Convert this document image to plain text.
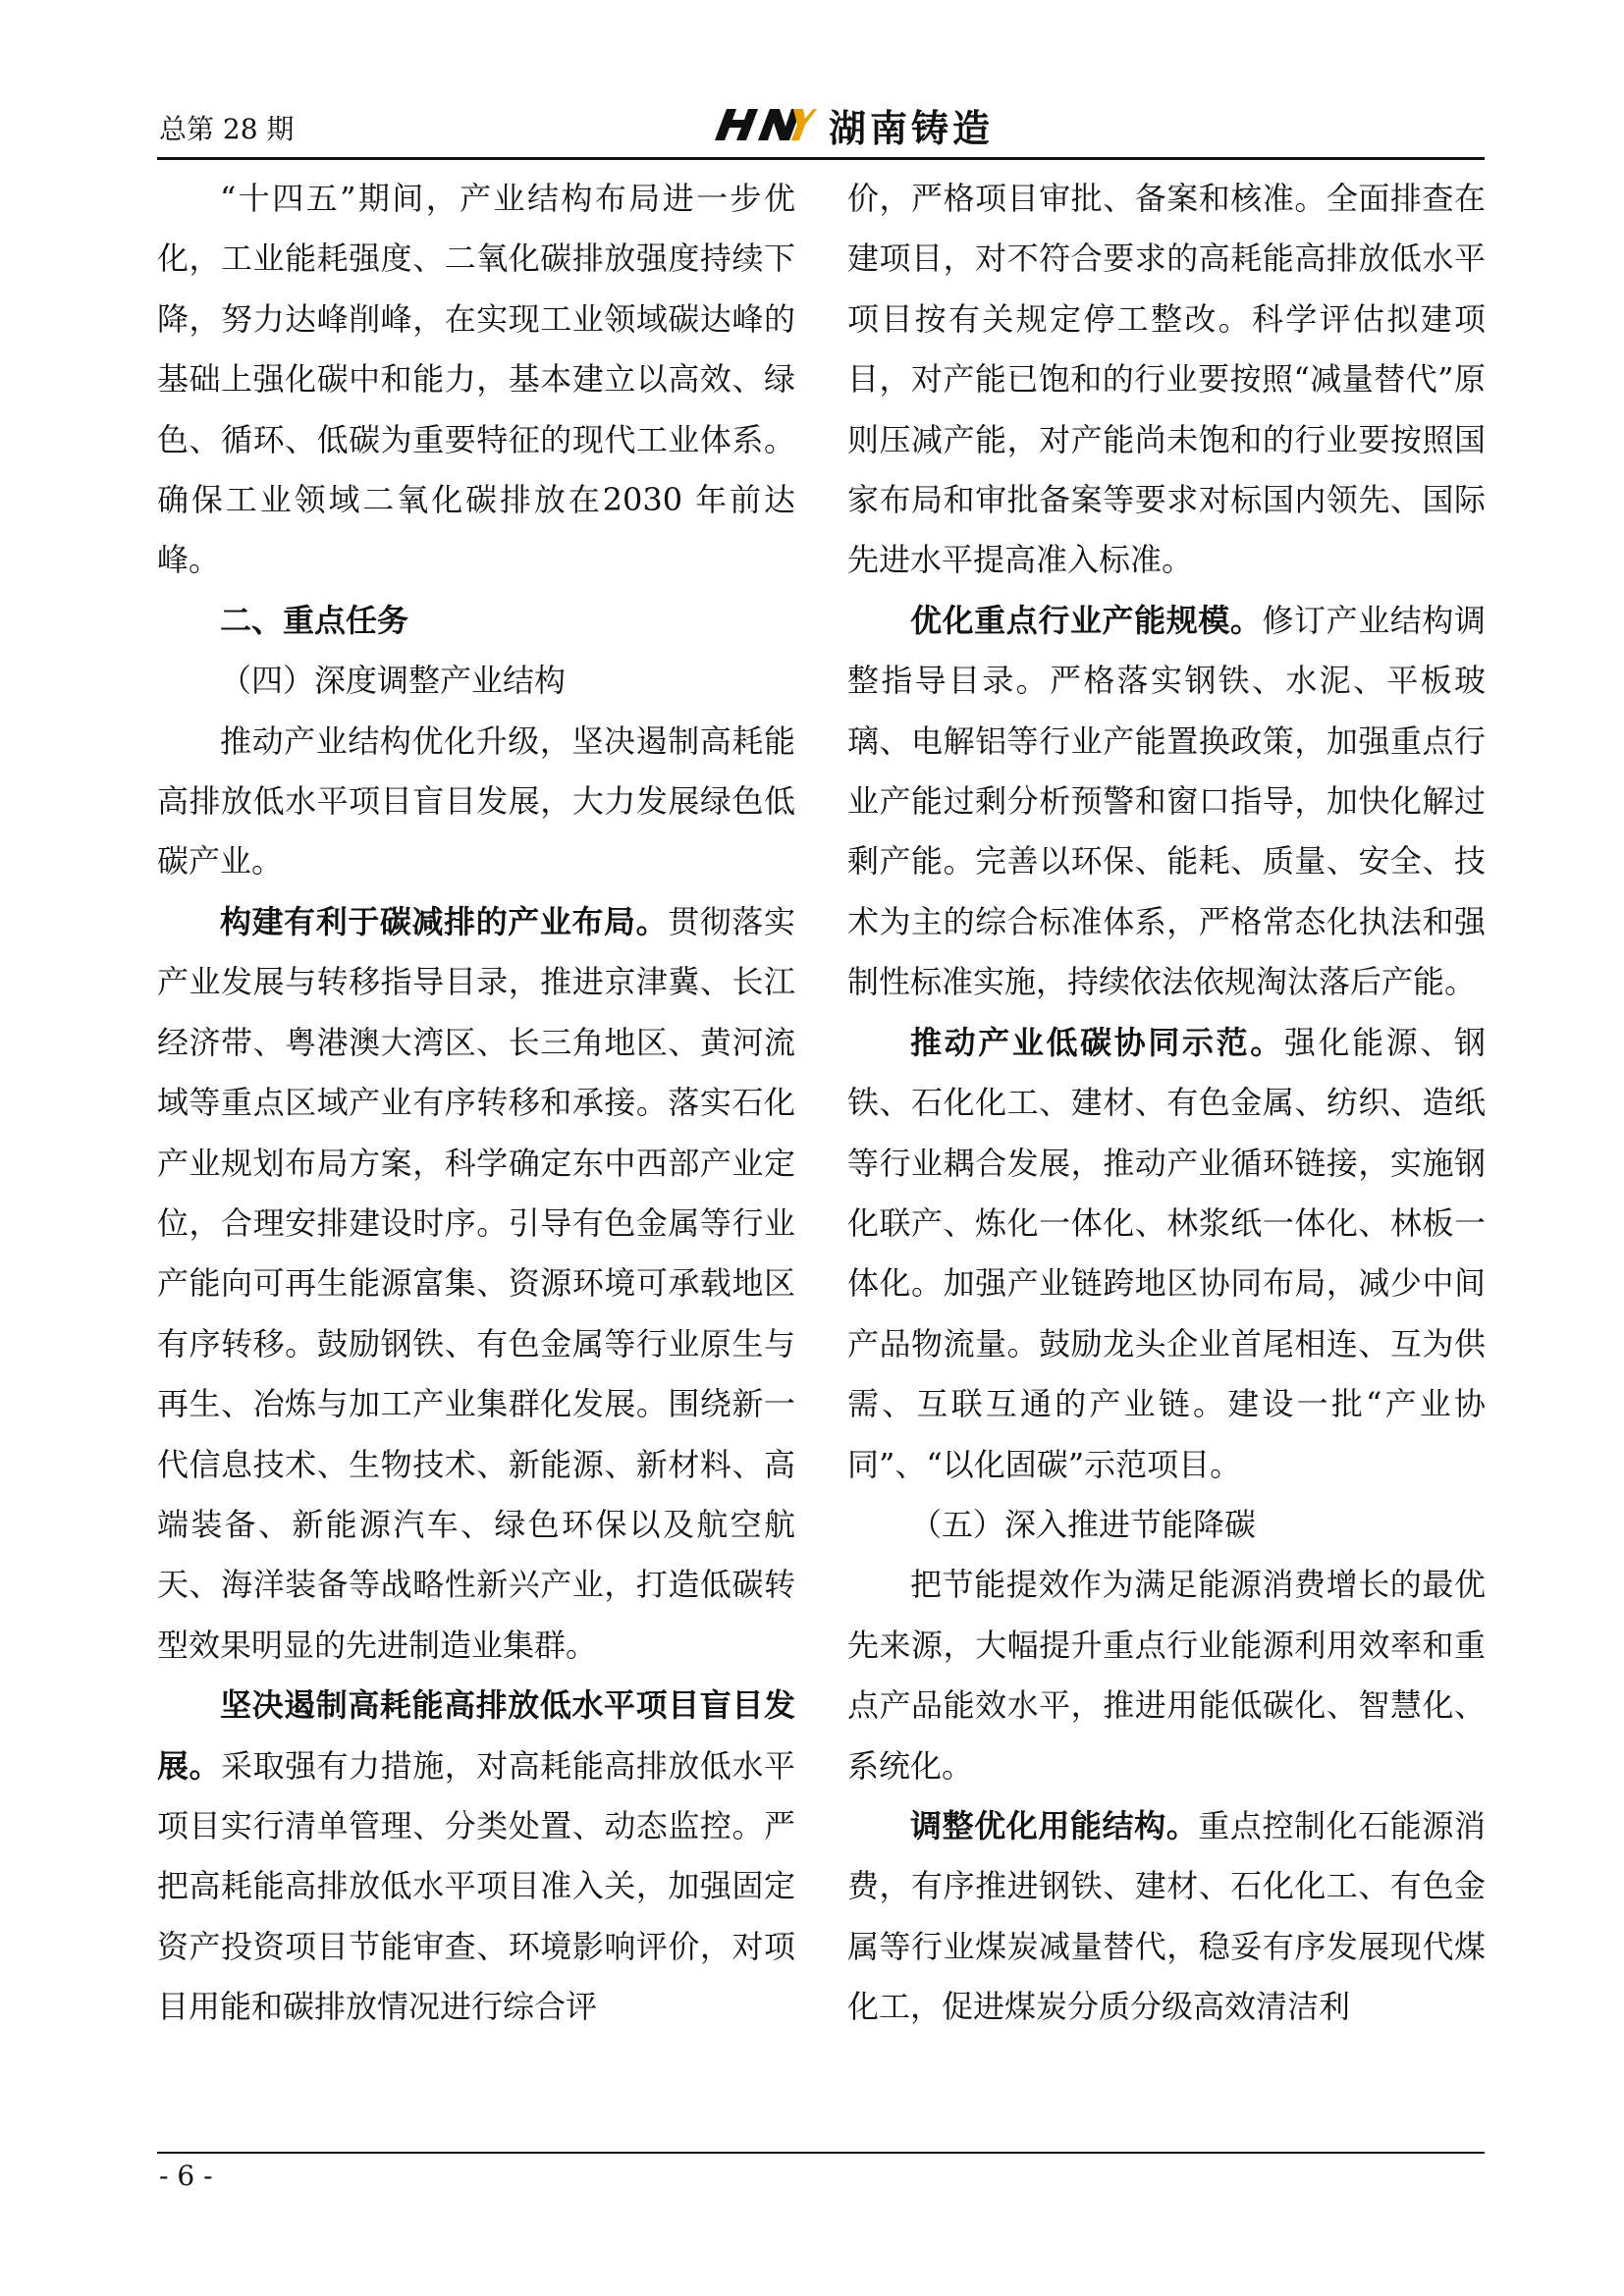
总第 28 期	湖南铸造

“十四五”期间，产业结构布局进一步优化，工业能耗强度、二氧化碳排放强度持续下降，努力达峰削峰，在实现工业领域碳达峰的基础上强化碳中和能力，基本建立以高效、绿色、循环、低碳为重要特征的现代工业体系。确保工业领域二氧化碳排放在2030 年前达峰。

二、重点任务

（四）深度调整产业结构

推动产业结构优化升级，坚决遏制高耗能高排放低水平项目盲目发展，大力发展绿色低碳产业。

构建有利于碳减排的产业布局。贯彻落实产业发展与转移指导目录，推进京津冀、长江经济带、粤港澳大湾区、长三角地区、黄河流域等重点区域产业有序转移和承接。落实石化产业规划布局方案，科学确定东中西部产业定位，合理安排建设时序。引导有色金属等行业产能向可再生能源富集、资源环境可承载地区有序转移。鼓励钢铁、有色金属等行业原生与再生、冶炼与加工产业集群化发展。围绕新一代信息技术、生物技术、新能源、新材料、高端装备、新能源汽车、绿色环保以及航空航天、海洋装备等战略性新兴产业，打造低碳转型效果明显的先进制造业集群。

坚决遏制高耗能高排放低水平项目盲目发展。采取强有力措施，对高耗能高排放低水平项目实行清单管理、分类处置、动态监控。严把高耗能高排放低水平项目准入关，加强固定资产投资项目节能审查、环境影响评价，对项目用能和碳排放情况进行综合评

价，严格项目审批、备案和核准。全面排查在建项目，对不符合要求的高耗能高排放低水平项目按有关规定停工整改。科学评估拟建项目，对产能已饱和的行业要按照“减量替代”原则压减产能，对产能尚未饱和的行业要按照国家布局和审批备案等要求对标国内领先、国际先进水平提高准入标准。

优化重点行业产能规模。修订产业结构调整指导目录。严格落实钢铁、水泥、平板玻璃、电解铝等行业产能置换政策，加强重点行业产能过剩分析预警和窗口指导，加快化解过剩产能。完善以环保、能耗、质量、安全、技术为主的综合标准体系，严格常态化执法和强制性标准实施，持续依法依规淘汰落后产能。

推动产业低碳协同示范。强化能源、钢铁、石化化工、建材、有色金属、纺织、造纸等行业耦合发展，推动产业循环链接，实施钢化联产、炼化一体化、林浆纸一体化、林板一体化。加强产业链跨地区协同布局，减少中间产品物流量。鼓励龙头企业首尾相连、互为供需、互联互通的产业链。建设一批“产业协同”、“以化固碳”示范项目。

（五）深入推进节能降碳

把节能提效作为满足能源消费增长的最优先来源，大幅提升重点行业能源利用效率和重点产品能效水平，推进用能低碳化、智慧化、系统化。

调整优化用能结构。重点控制化石能源消费，有序推进钢铁、建材、石化化工、有色金属等行业煤炭减量替代，稳妥有序发展现代煤化工，促进煤炭分质分级高效清洁利

- 6 -
